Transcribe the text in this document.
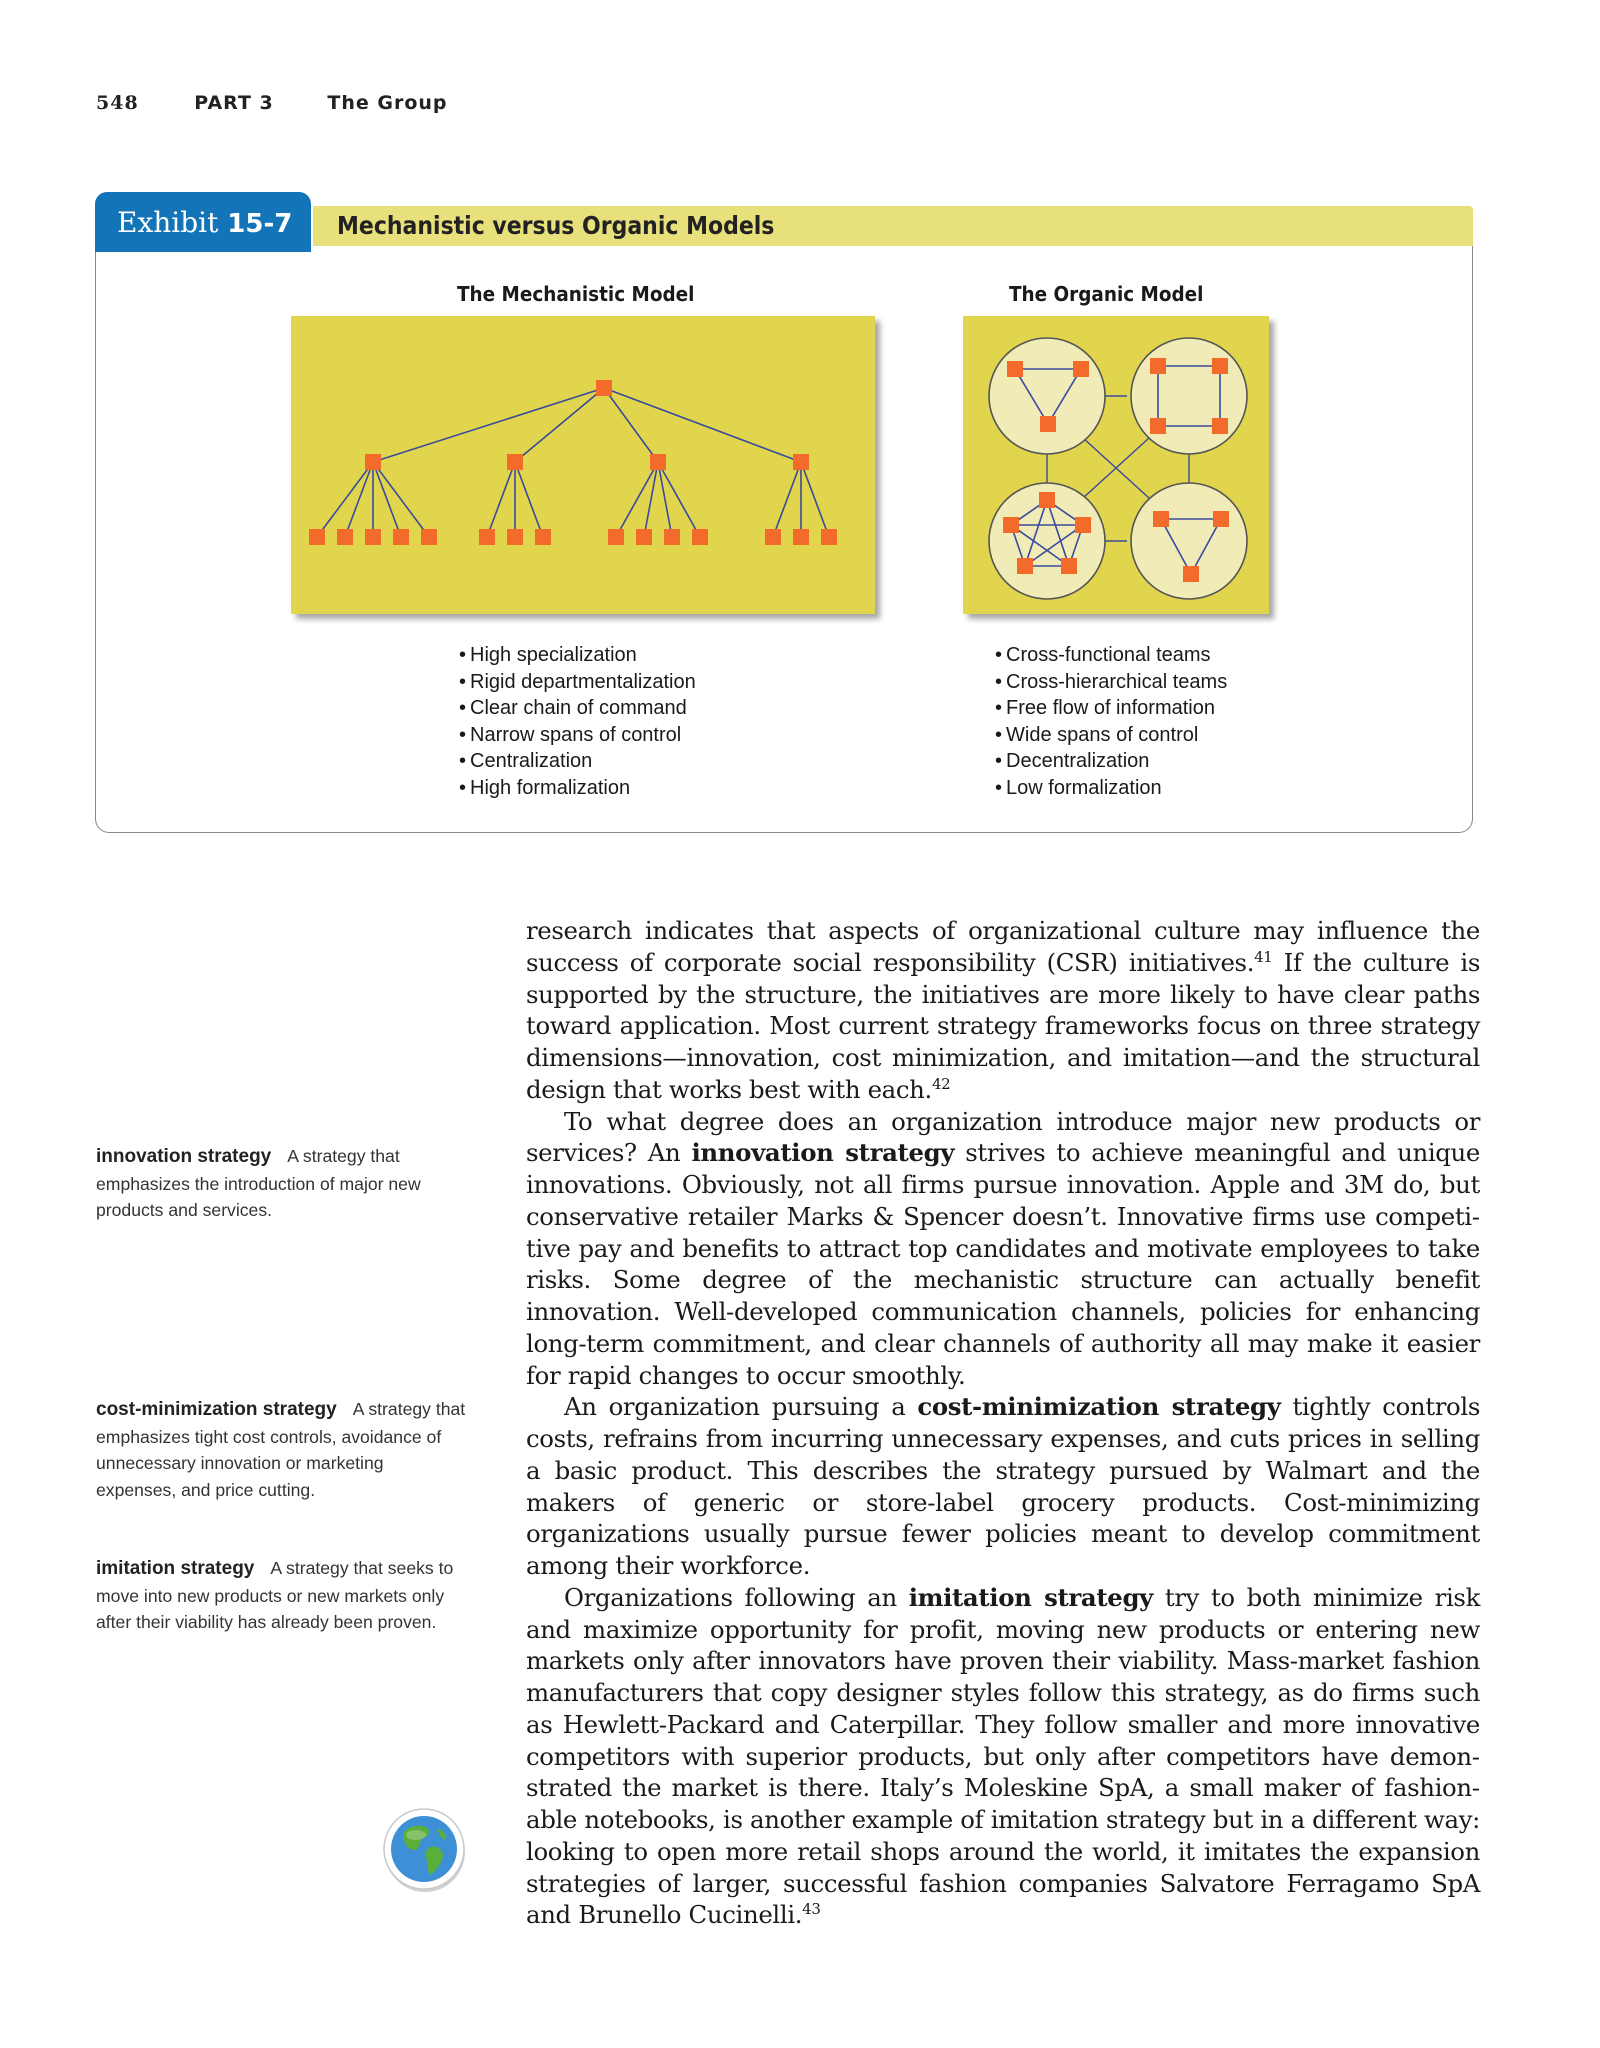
548	PART 3	The Group
Exhibit 15-7	Mechanistic versus Organic Models
The Mechanistic Model	The Organic Model
• High specialization
• Rigid departmentalization
• Clear chain of command
• Narrow spans of control
• Centralization
• High formalization
• Cross-functional teams
• Cross-hierarchical teams
• Free flow of information
• Wide spans of control
• Decentralization
• Low formalization
innovation strategy A strategy that emphasizes the introduction of major new products and services.
cost-minimization strategy A strategy that emphasizes tight cost controls, avoidance of unnecessary innovation or marketing expenses, and price cutting.
imitation strategy A strategy that seeks to move into new products or new markets only after their viability has already been proven.

research indicates that aspects of organizational culture may influence the success of corporate social responsibility (CSR) initiatives.$^{41}$ If the culture is supported by the structure, the initiatives are more likely to have clear paths toward application. Most current strategy frameworks focus on three strategy dimensions—innovation, cost minimization, and imitation—and the structural design that works best with each.$^{42}$

To what degree does an organization introduce major new products or services? An innovation strategy strives to achieve meaningful and unique innovations. Obviously, not all firms pursue innovation. Apple and 3M do, but conservative retailer Marks & Spencer doesn’t. Innovative firms use competitive pay and benefits to attract top candidates and motivate employees to take risks. Some degree of the mechanistic structure can actually benefit innovation. Well-developed communication channels, policies for enhancing long-term commitment, and clear channels of authority all may make it easier for rapid changes to occur smoothly.

An organization pursuing a cost-minimization strategy tightly controls costs, refrains from incurring unnecessary expenses, and cuts prices in selling a basic product. This describes the strategy pursued by Walmart and the makers of generic or store-label grocery products. Cost-minimizing organizations usually pursue fewer policies meant to develop commitment among their workforce.

Organizations following an imitation strategy try to both minimize risk and maximize opportunity for profit, moving new products or entering new markets only after innovators have proven their viability. Mass-market fashion manufacturers that copy designer styles follow this strategy, as do firms such as Hewlett-Packard and Caterpillar. They follow smaller and more innovative competitors with superior products, but only after competitors have demonstrated the market is there. Italy’s Moleskine SpA, a small maker of fashionable notebooks, is another example of imitation strategy but in a different way: looking to open more retail shops around the world, it imitates the expansion strategies of larger, successful fashion companies Salvatore Ferragamo SpA and Brunello Cucinelli.$^{43}$
